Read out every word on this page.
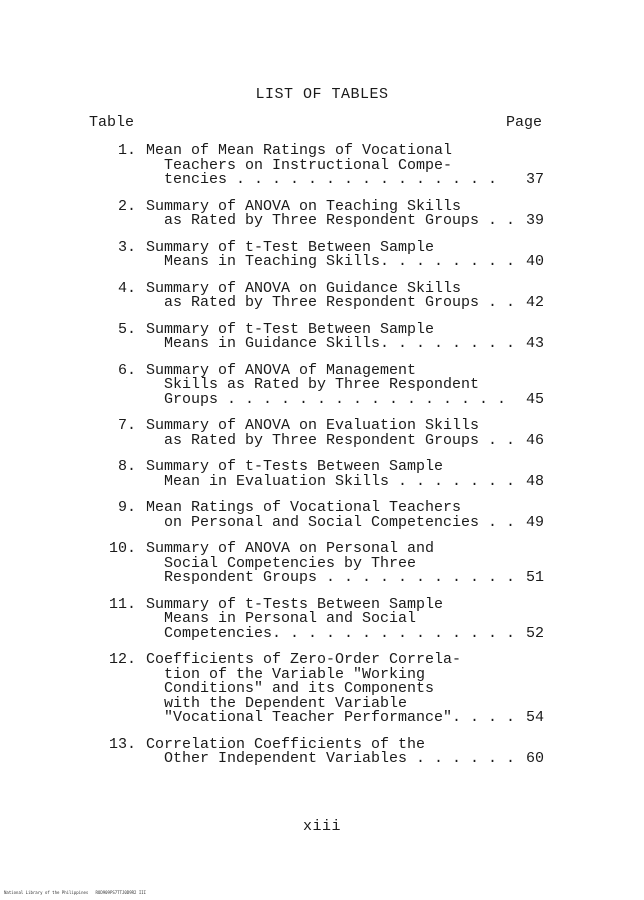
LIST OF TABLES
Table	Page
1. Mean of Mean Ratings of Vocational
Teachers on Instructional Compe-
tencies . . . . . . . . . . . . . . . 37
2. Summary of ANOVA on Teaching Skills
as Rated by Three Respondent Groups . . 39
3. Summary of t-Test Between Sample
Means in Teaching Skills. . . . . . . . 40
4. Summary of ANOVA on Guidance Skills
as Rated by Three Respondent Groups . . 42
5. Summary of t-Test Between Sample
Means in Guidance Skills. . . . . . . . 43
6. Summary of ANOVA of Management
Skills as Rated by Three Respondent
Groups . . . . . . . . . . . . . . . . 45
7. Summary of ANOVA on Evaluation Skills
as Rated by Three Respondent Groups . . 46
8. Summary of t-Tests Between Sample
Mean in Evaluation Skills . . . . . . . 48
9. Mean Ratings of Vocational Teachers
on Personal and Social Competencies . . 49
10. Summary of ANOVA on Personal and
Social Competencies by Three
Respondent Groups . . . . . . . . . . . 51
11. Summary of t-Tests Between Sample
Means in Personal and Social
Competencies. . . . . . . . . . . . . . 52
12. Coefficients of Zero-Order Correla-
tion of the Variable "Working
Conditions" and its Components
with the Dependent Variable
"Vocational Teacher Performance". . . . 54
13. Correlation Coefficients of the
Other Independent Variables . . . . . . 60
xiii
National Library of the Philippines   ROD909PS7TTJ0D9R2 III
